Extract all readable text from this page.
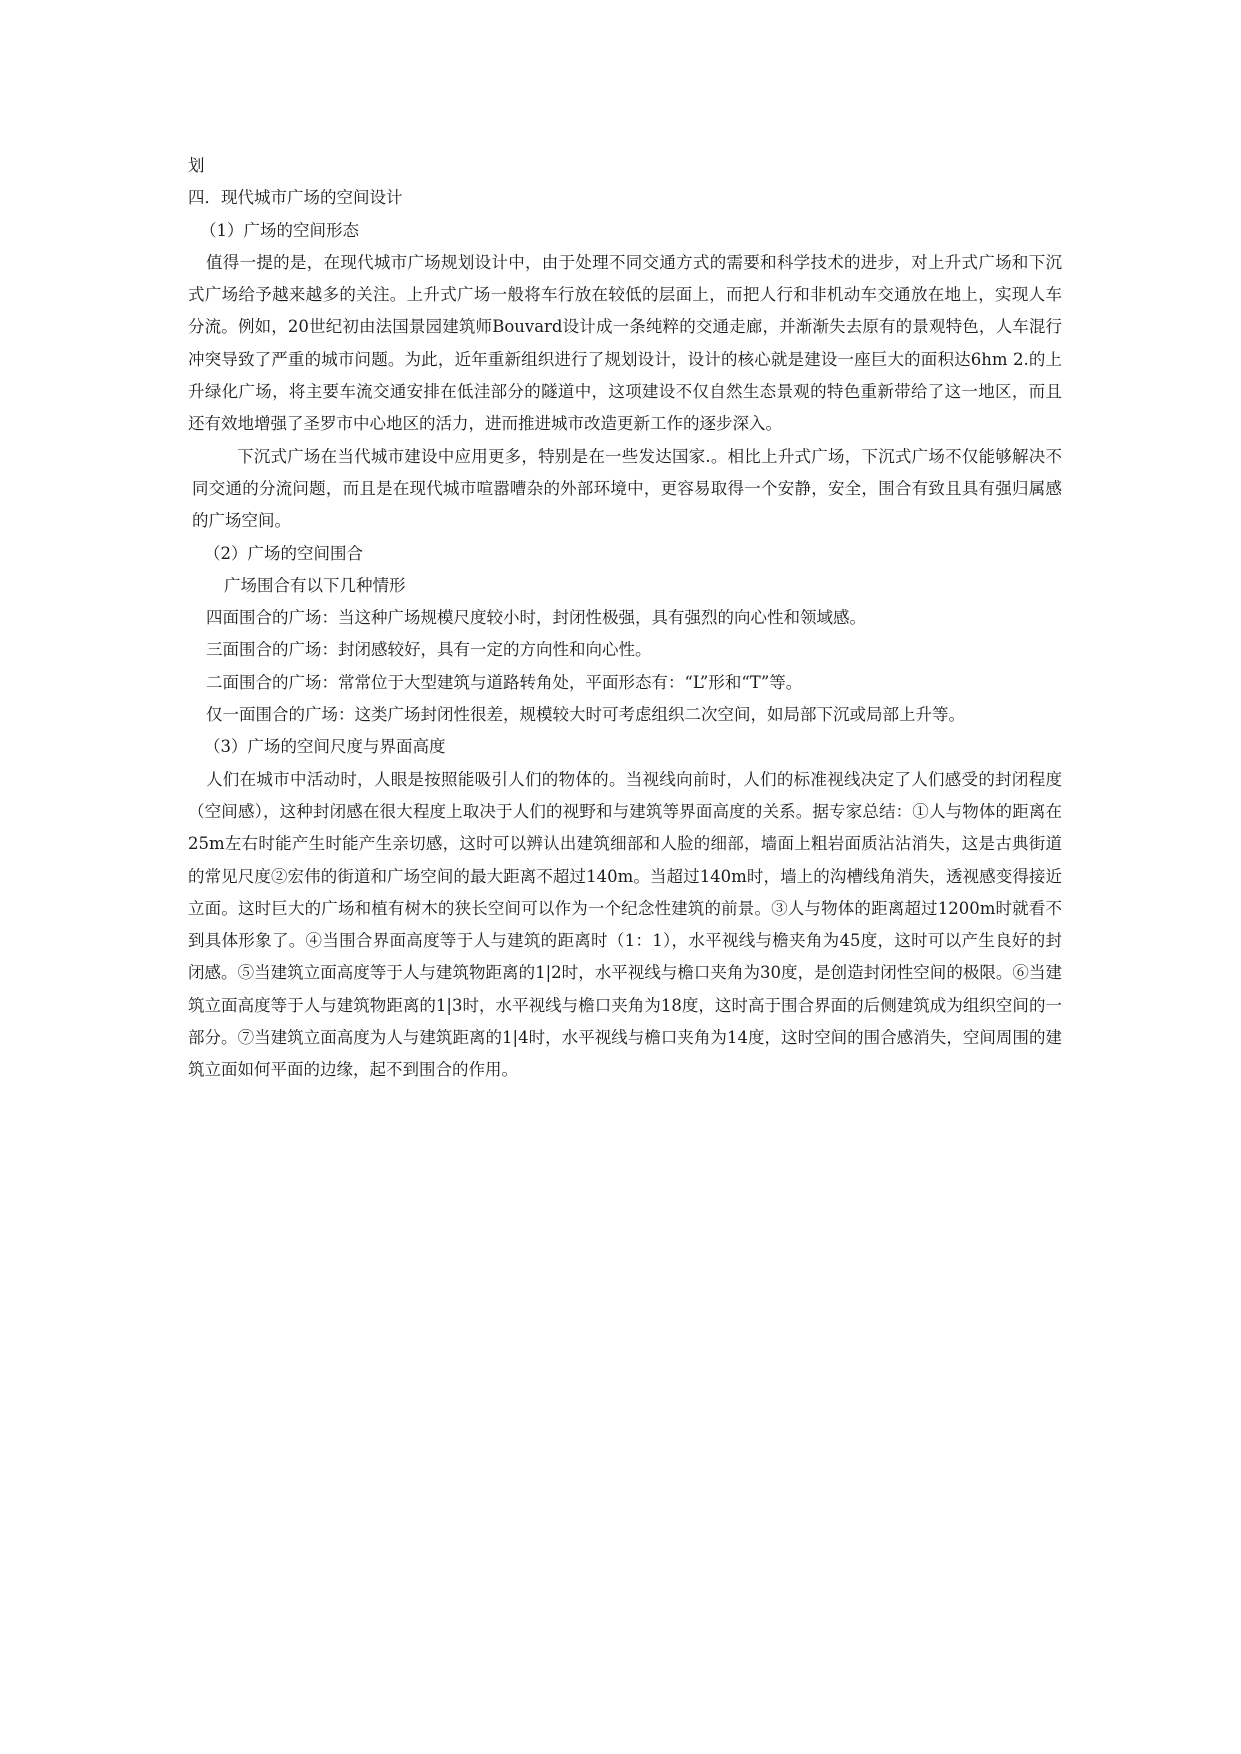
划
四．现代城市广场的空间设计
（1）广场的空间形态

值得一提的是，在现代城市广场规划设计中，由于处理不同交通方式的需要和科学技术的进步，对上升式广场和下沉式广场给予越来越多的关注。上升式广场一般将车行放在较低的层面上，而把人行和非机动车交通放在地上，实现人车分流。例如，20世纪初由法国景园建筑师Bouvard设计成一条纯粹的交通走廊，并渐渐失去原有的景观特色，人车混行冲突导致了严重的城市问题。为此，近年重新组织进行了规划设计，设计的核心就是建设一座巨大的面积达6hm 2.的上升绿化广场，将主要车流交通安排在低洼部分的隧道中，这项建设不仅自然生态景观的特色重新带给了这一地区，而且还有效地增强了圣罗市中心地区的活力，进而推进城市改造更新工作的逐步深入。

下沉式广场在当代城市建设中应用更多，特别是在一些发达国家.。相比上升式广场，下沉式广场不仅能够解决不同交通的分流问题，而且是在现代城市喧嚣嘈杂的外部环境中，更容易取得一个安静，安全，围合有致且具有强归属感的广场空间。

（2）广场的空间围合
广场围合有以下几种情形
四面围合的广场：当这种广场规模尺度较小时，封闭性极强，具有强烈的向心性和领域感。
三面围合的广场：封闭感较好，具有一定的方向性和向心性。
二面围合的广场：常常位于大型建筑与道路转角处，平面形态有：“L”形和“T”等。
仅一面围合的广场：这类广场封闭性很差，规模较大时可考虑组织二次空间，如局部下沉或局部上升等。
（3）广场的空间尺度与界面高度

人们在城市中活动时，人眼是按照能吸引人们的物体的。当视线向前时，人们的标准视线决定了人们感受的封闭程度（空间感），这种封闭感在很大程度上取决于人们的视野和与建筑等界面高度的关系。据专家总结：①人与物体的距离在25m左右时能产生时能产生亲切感，这时可以辨认出建筑细部和人脸的细部，墙面上粗岩面质沾沾消失，这是古典街道的常见尺度②宏伟的街道和广场空间的最大距离不超过140m。当超过140m时，墙上的沟槽线角消失，透视感变得接近立面。这时巨大的广场和植有树木的狭长空间可以作为一个纪念性建筑的前景。③人与物体的距离超过1200m时就看不到具体形象了。④当围合界面高度等于人与建筑的距离时（1：1），水平视线与檐夹角为45度，这时可以产生良好的封闭感。⑤当建筑立面高度等于人与建筑物距离的1|2时，水平视线与檐口夹角为30度，是创造封闭性空间的极限。⑥当建筑立面高度等于人与建筑物距离的1|3时，水平视线与檐口夹角为18度，这时高于围合界面的后侧建筑成为组织空间的一部分。⑦当建筑立面高度为人与建筑距离的1|4时，水平视线与檐口夹角为14度，这时空间的围合感消失，空间周围的建筑立面如何平面的边缘，起不到围合的作用。
